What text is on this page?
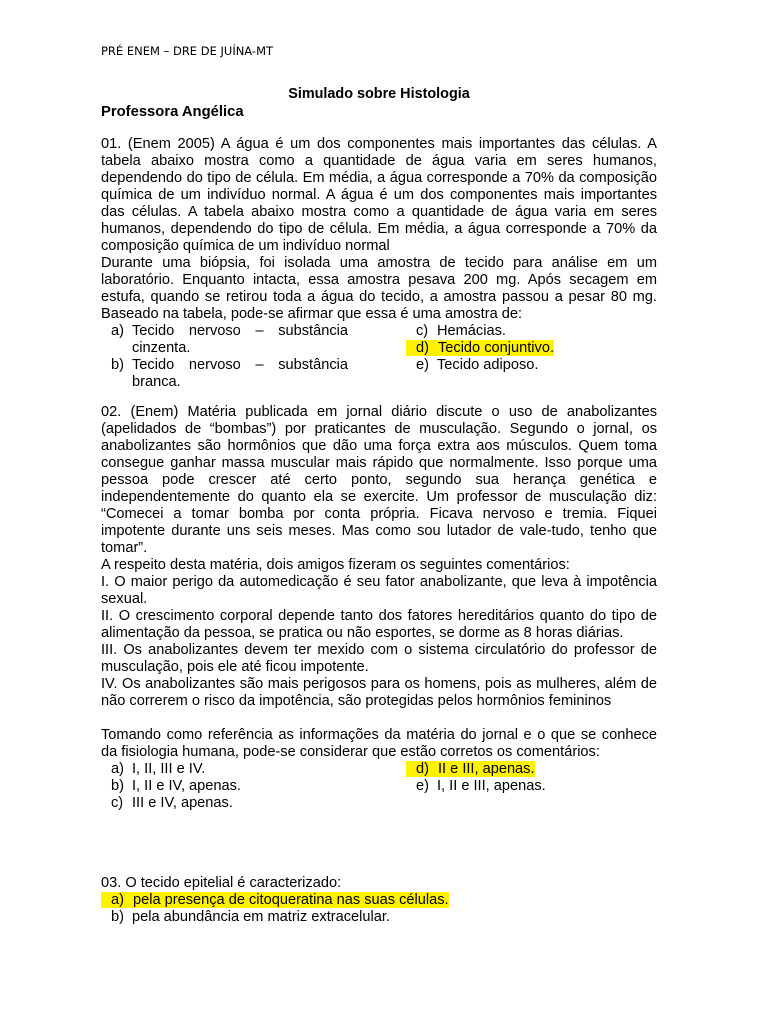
PRÉ ENEM – DRE DE JUÍNA-MT
Simulado sobre Histologia
Professora Angélica

01. (Enem 2005) A água é um dos componentes mais importantes das células. A tabela abaixo mostra como a quantidade de água varia em seres humanos, dependendo do tipo de célula. Em média, a água corresponde a 70% da composição química de um indivíduo normal. A água é um dos componentes mais importantes das células. A tabela abaixo mostra como a quantidade de água varia em seres humanos, dependendo do tipo de célula. Em média, a água corresponde a 70% da composição química de um indivíduo normal

Durante uma biópsia, foi isolada uma amostra de tecido para análise em um laboratório. Enquanto intacta, essa amostra pesava 200 mg. Após secagem em estufa, quando se retirou toda a água do tecido, a amostra passou a pesar 80 mg. Baseado na tabela, pode-se afirmar que essa é uma amostra de:

a) Tecido nervoso – substância cinzenta.
b) Tecido nervoso – substância branca.
c) Hemácias.
d) Tecido conjuntivo.
e) Tecido adiposo.

02. (Enem) Matéria publicada em jornal diário discute o uso de anabolizantes (apelidados de “bombas”) por praticantes de musculação. Segundo o jornal, os anabolizantes são hormônios que dão uma força extra aos músculos. Quem toma consegue ganhar massa muscular mais rápido que normalmente. Isso porque uma pessoa pode crescer até certo ponto, segundo sua herança genética e independentemente do quanto ela se exercite. Um professor de musculação diz: “Comecei a tomar bomba por conta própria. Ficava nervoso e tremia. Fiquei impotente durante uns seis meses. Mas como sou lutador de vale-tudo, tenho que tomar”.

A respeito desta matéria, dois amigos fizeram os seguintes comentários:

I. O maior perigo da automedicação é seu fator anabolizante, que leva à impotência sexual.

II. O crescimento corporal depende tanto dos fatores hereditários quanto do tipo de alimentação da pessoa, se pratica ou não esportes, se dorme as 8 horas diárias.

III. Os anabolizantes devem ter mexido com o sistema circulatório do professor de musculação, pois ele até ficou impotente.

IV. Os anabolizantes são mais perigosos para os homens, pois as mulheres, além de não correrem o risco da impotência, são protegidas pelos hormônios femininos

Tomando como referência as informações da matéria do jornal e o que se conhece da fisiologia humana, pode-se considerar que estão corretos os comentários:

a) I, II, III e IV.
b) I, II e IV, apenas.
c) III e IV, apenas.
d) II e III, apenas.
e) I, II e III, apenas.

03. O tecido epitelial é caracterizado:

a) pela presença de citoqueratina nas suas células.
b) pela abundância em matriz extracelular.
